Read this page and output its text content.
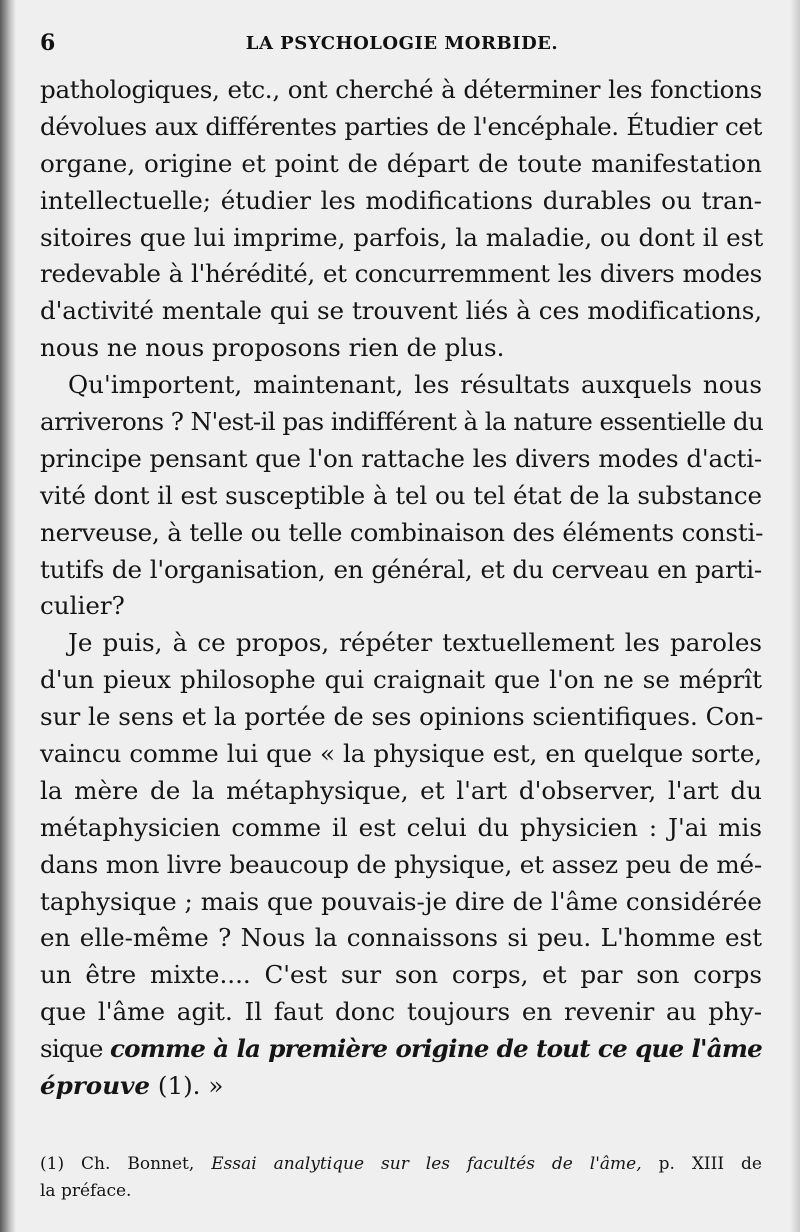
6	LA PSYCHOLOGIE MORBIDE.
pathologiques, etc., ont cherché à déterminer les fonctions
dévolues aux différentes parties de l'encéphale. Étudier cet
organe, origine et point de départ de toute manifestation
intellectuelle; étudier les modifications durables ou tran-
sitoires que lui imprime, parfois, la maladie, ou dont il est
redevable à l'hérédité, et concurremment les divers modes
d'activité mentale qui se trouvent liés à ces modifications,
nous ne nous proposons rien de plus.
Qu'importent, maintenant, les résultats auxquels nous
arriverons ? N'est-il pas indifférent à la nature essentielle du
principe pensant que l'on rattache les divers modes d'acti-
vité dont il est susceptible à tel ou tel état de la substance
nerveuse, à telle ou telle combinaison des éléments consti-
tutifs de l'organisation, en général, et du cerveau en parti-
culier?
Je puis, à ce propos, répéter textuellement les paroles
d'un pieux philosophe qui craignait que l'on ne se méprît
sur le sens et la portée de ses opinions scientifiques. Con-
vaincu comme lui que « la physique est, en quelque sorte,
la mère de la métaphysique, et l'art d'observer, l'art du
métaphysicien comme il est celui du physicien : J'ai mis
dans mon livre beaucoup de physique, et assez peu de mé-
taphysique ; mais que pouvais-je dire de l'âme considérée
en elle-même ? Nous la connaissons si peu. L'homme est
un être mixte.... C'est sur son corps, et par son corps
que l'âme agit. Il faut donc toujours en revenir au phy-
sique comme à la première origine de tout ce que l'âme
éprouve (1). »
(1) Ch. Bonnet, Essai analytique sur les facultés de l'âme, p. XIII de
la préface.
